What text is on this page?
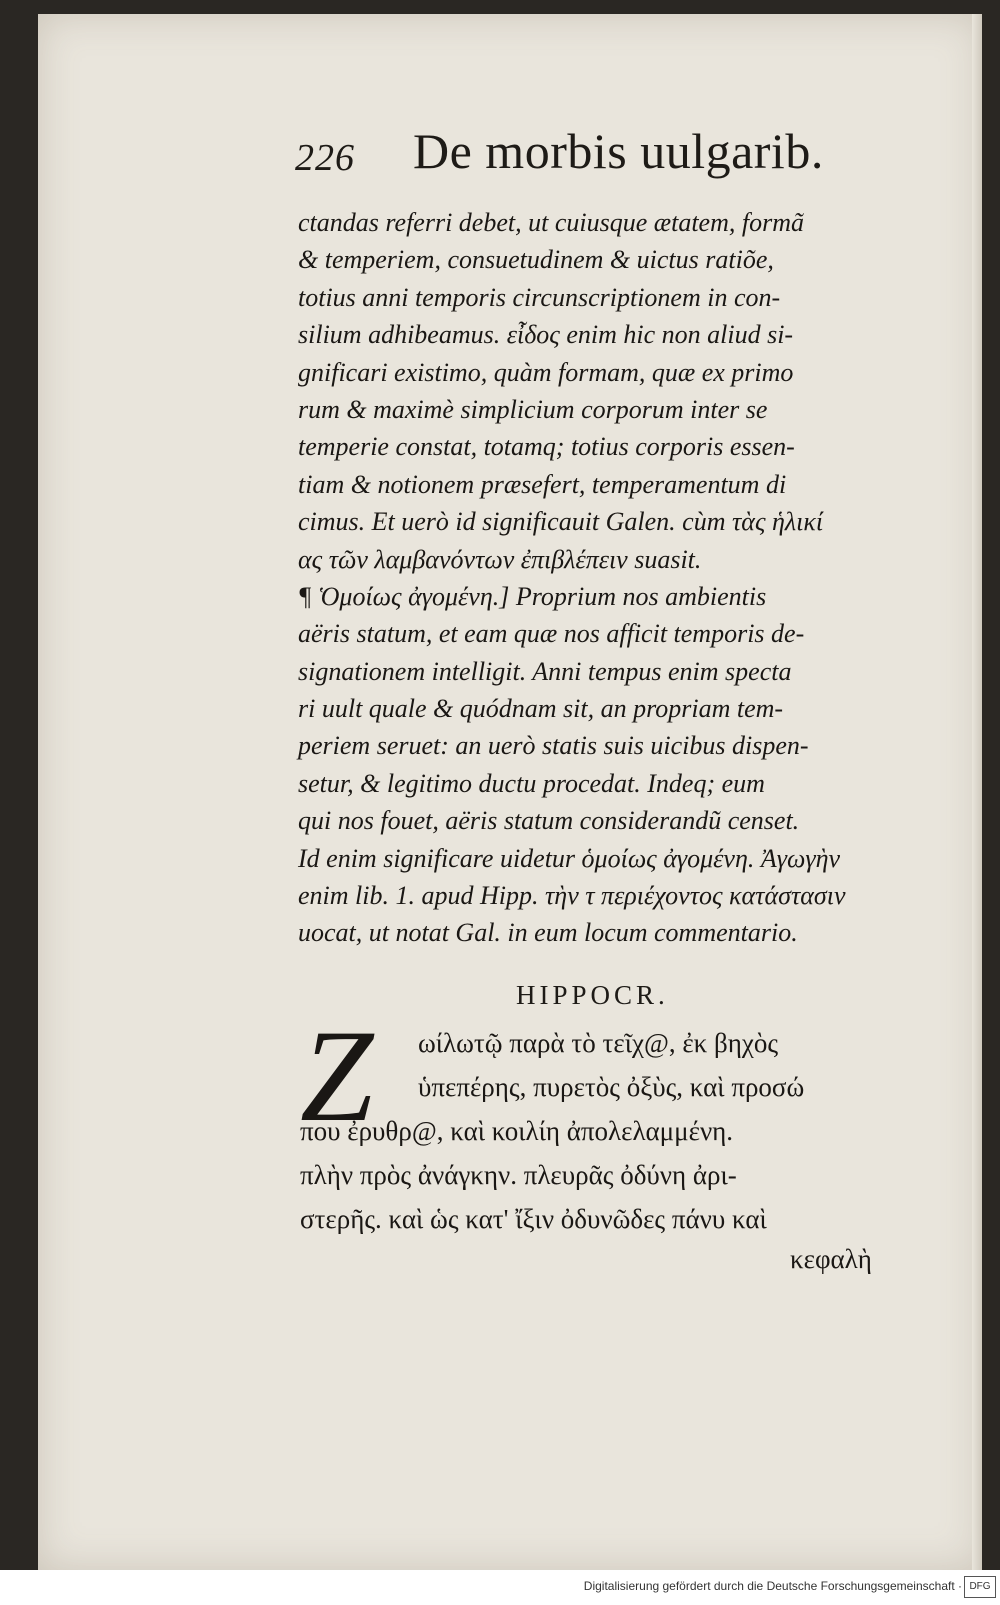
226 De morbis uulgarib.
ctandas referri debet, ut cuiusque ætatem, formã
& temperiem, consuetudinem & uictus ratiõe,
totius anni temporis circunscriptionem in con-
silium adhibeamus. εἶδος enim hic non aliud si-
gnificari existimo, quàm formam, quæ ex primo
rum & maximè simplicium corporum inter se
temperie constat, totamq; totius corporis essen-
tiam & notionem præsefert, temperamentum di
cimus. Et uerò id significauit Galen. cùm τὰς ἡλικί
ας τῶν λαμβανόντων ἐπιβλέπειν suasit.
¶ Ὁμοίως ἀγομένη.] Proprium nos ambientis
aëris statum, et eam quæ nos afficit temporis de-
signationem intelligit. Anni tempus enim specta
ri uult quale & quódnam sit, an propriam tem-
periem seruet: an uerò statis suis uicibus dispen-
setur, & legitimo ductu procedat. Indeq; eum
qui nos fouet, aëris statum considerandũ censet.
Id enim significare uidetur ὁμοίως ἀγομένη. Ἀγωγὴν
enim lib. 1. apud Hipp. τὴν τ περιέχοντος κατάστασιν
uocat, ut notat Gal. in eum locum commentario.
HIPPOCR.
Z	ωίλωτῷ παρὰ τὸ τεῖχ@, ἐκ βηχὸς
ὑπεπέρης, πυρετὸς ὀξὺς, καὶ προσώ
που ἐρυθρ@, καὶ κοιλίη ἀπολελαμμένη.
πλὴν πρὸς ἀνάγκην. πλευρᾶς ὀδύνη ἀρι-
στερῆς. καὶ ὡς κατ' ἴξιν ὀδυνῶδες πάνυ καὶ
κεφαλὴ
Digitalisierung gefördert durch die Deutsche Forschungsgemeinschaft · DFG
